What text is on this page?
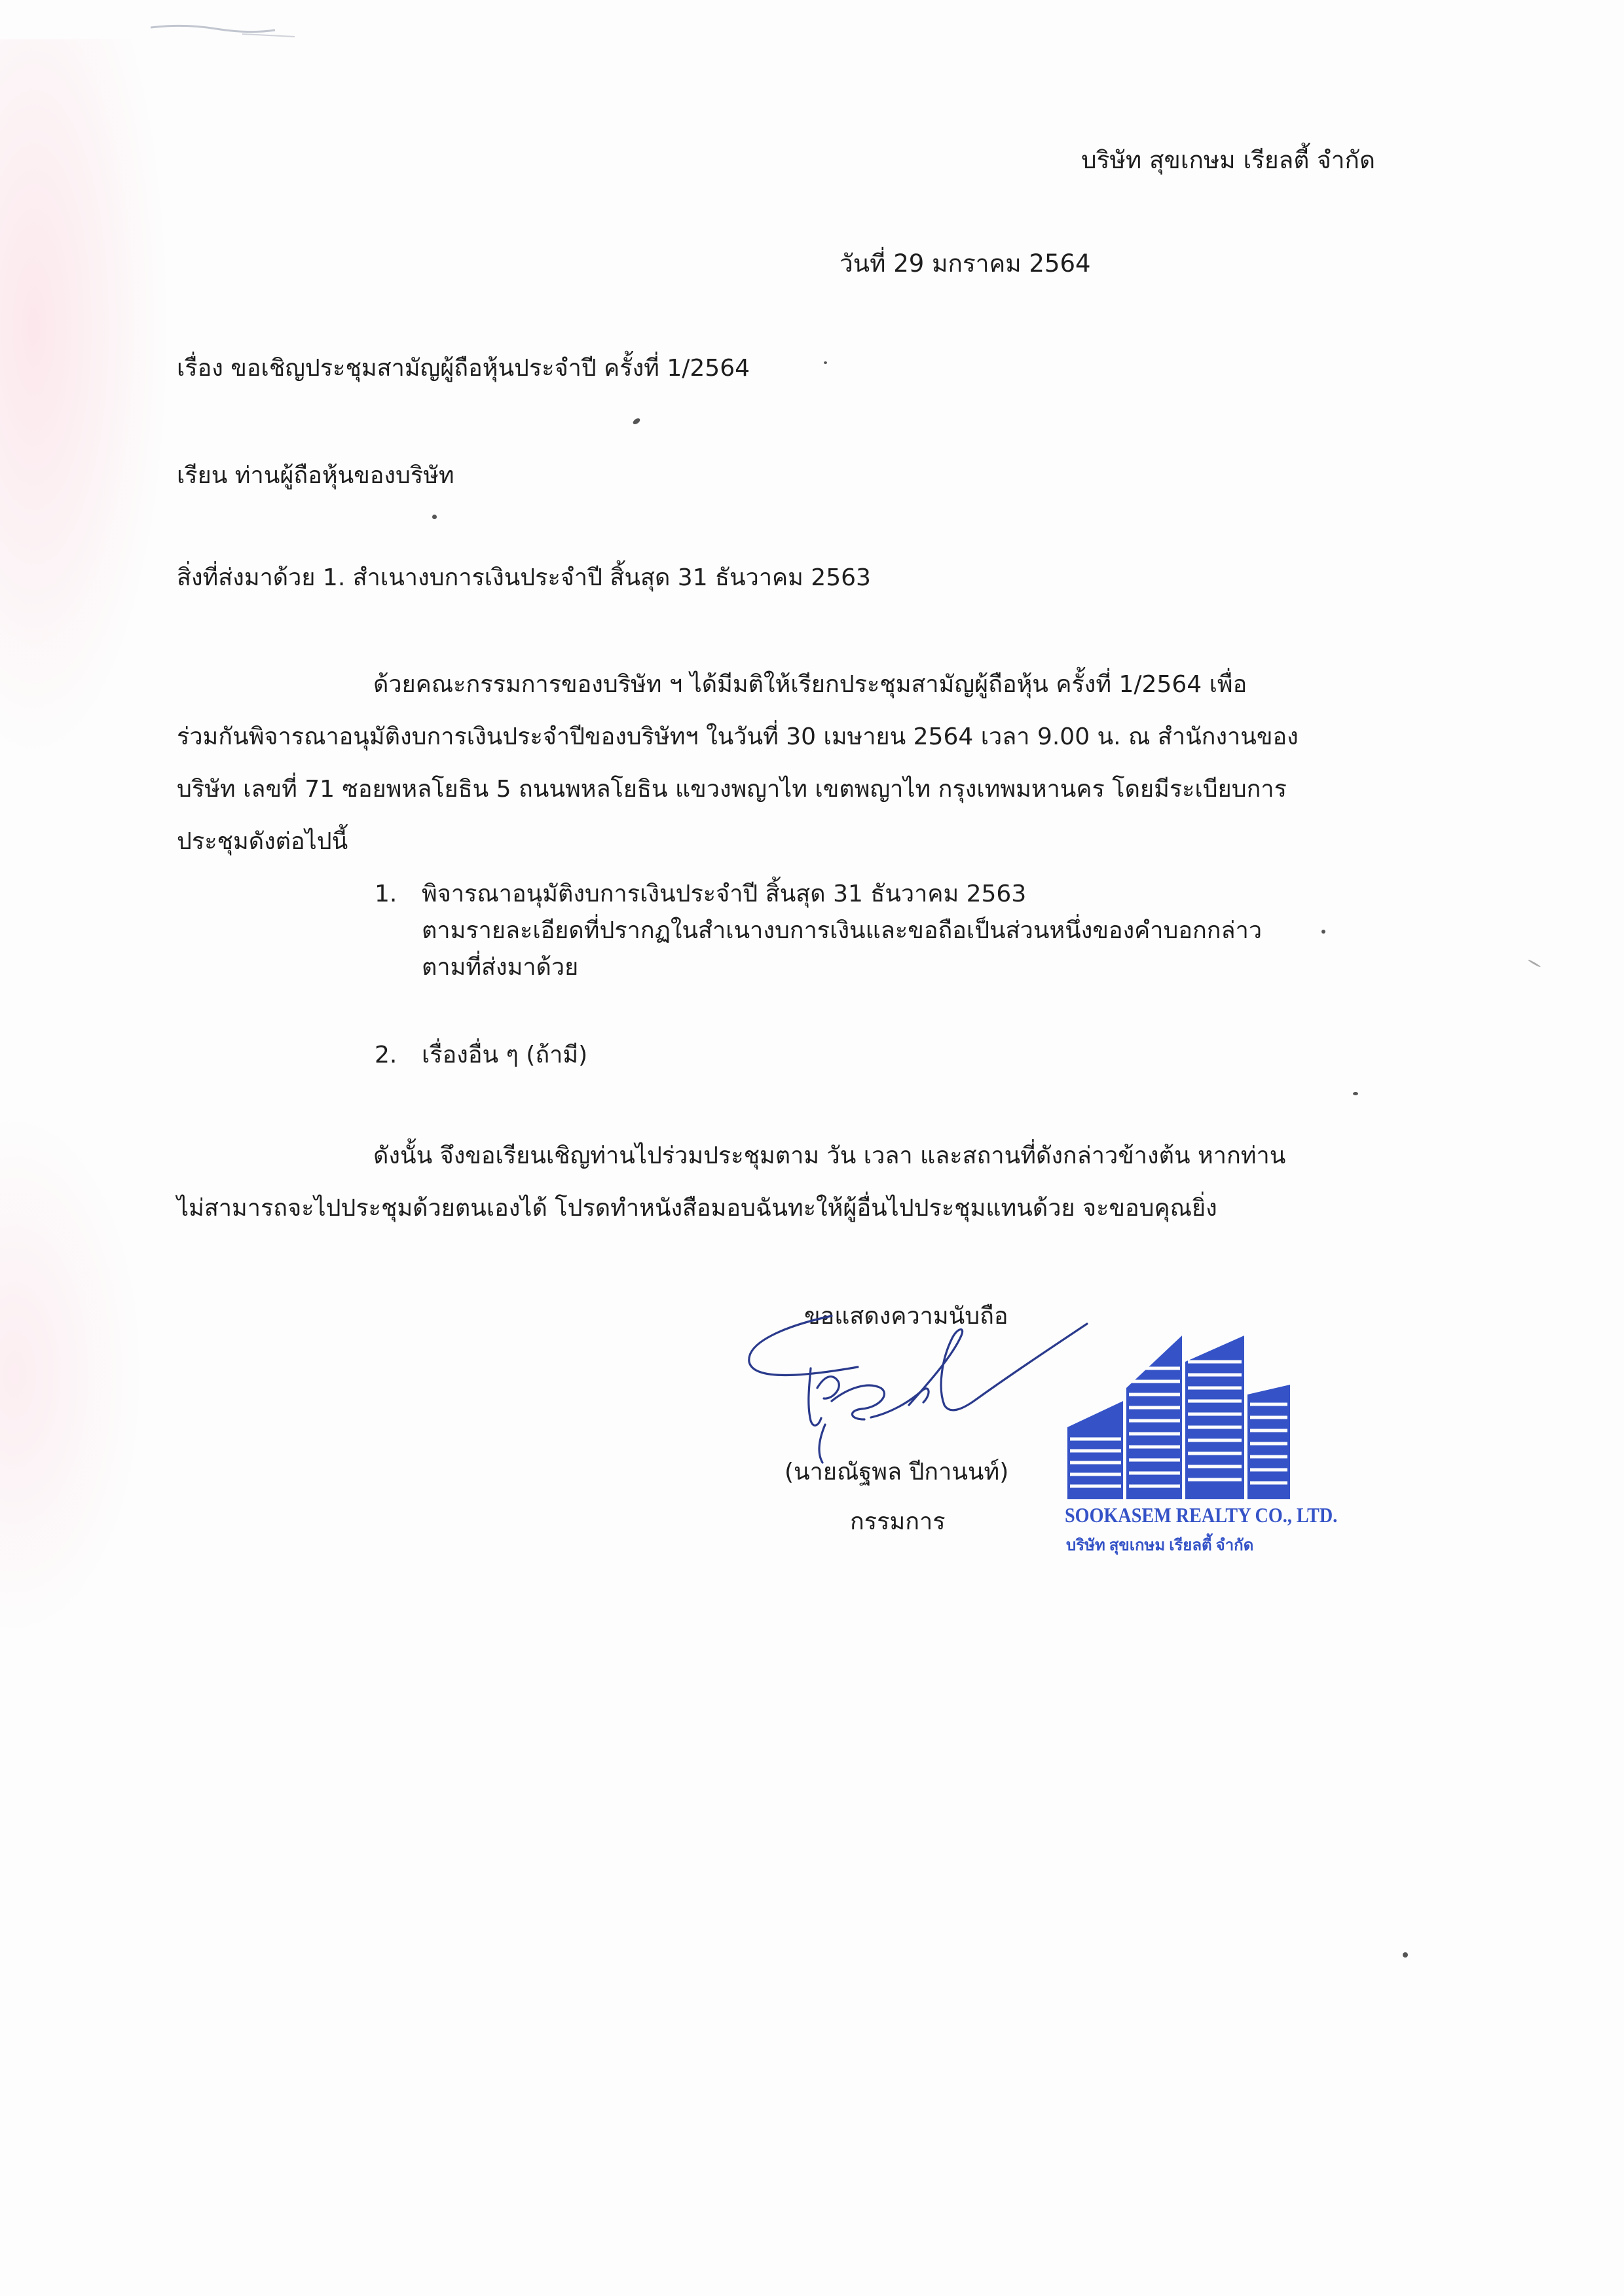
บริษัท สุขเกษม เรียลตี้ จำกัด
วันที่ 29 มกราคม 2564
เรื่อง ขอเชิญประชุมสามัญผู้ถือหุ้นประจำปี ครั้งที่ 1/2564
เรียน ท่านผู้ถือหุ้นของบริษัท
สิ่งที่ส่งมาด้วย 1. สำเนางบการเงินประจำปี สิ้นสุด 31 ธันวาคม 2563
ด้วยคณะกรรมการของบริษัท ฯ ได้มีมติให้เรียกประชุมสามัญผู้ถือหุ้น ครั้งที่ 1/2564 เพื่อ
ร่วมกันพิจารณาอนุมัติงบการเงินประจำปีของบริษัทฯ ในวันที่ 30 เมษายน 2564 เวลา 9.00 น. ณ สำนักงานของ
บริษัท เลขที่ 71 ซอยพหลโยธิน 5 ถนนพหลโยธิน แขวงพญาไท เขตพญาไท กรุงเทพมหานคร โดยมีระเบียบการ
ประชุมดังต่อไปนี้
1. พิจารณาอนุมัติงบการเงินประจำปี สิ้นสุด 31 ธันวาคม 2563
ตามรายละเอียดที่ปรากฏในสำเนางบการเงินและขอถือเป็นส่วนหนึ่งของคำบอกกล่าว
ตามที่ส่งมาด้วย
2. เรื่องอื่น ๆ (ถ้ามี)
ดังนั้น จึงขอเรียนเชิญท่านไปร่วมประชุมตาม วัน เวลา และสถานที่ดังกล่าวข้างต้น หากท่าน
ไม่สามารถจะไปประชุมด้วยตนเองได้ โปรดทำหนังสือมอบฉันทะให้ผู้อื่นไปประชุมแทนด้วย จะขอบคุณยิ่ง
ขอแสดงความนับถือ
(นายณัฐพล ปีกานนท์)
กรรมการ	SOOKASEM REALTY CO., LTD.
บริษัท สุขเกษม เรียลตี้ จำกัด
